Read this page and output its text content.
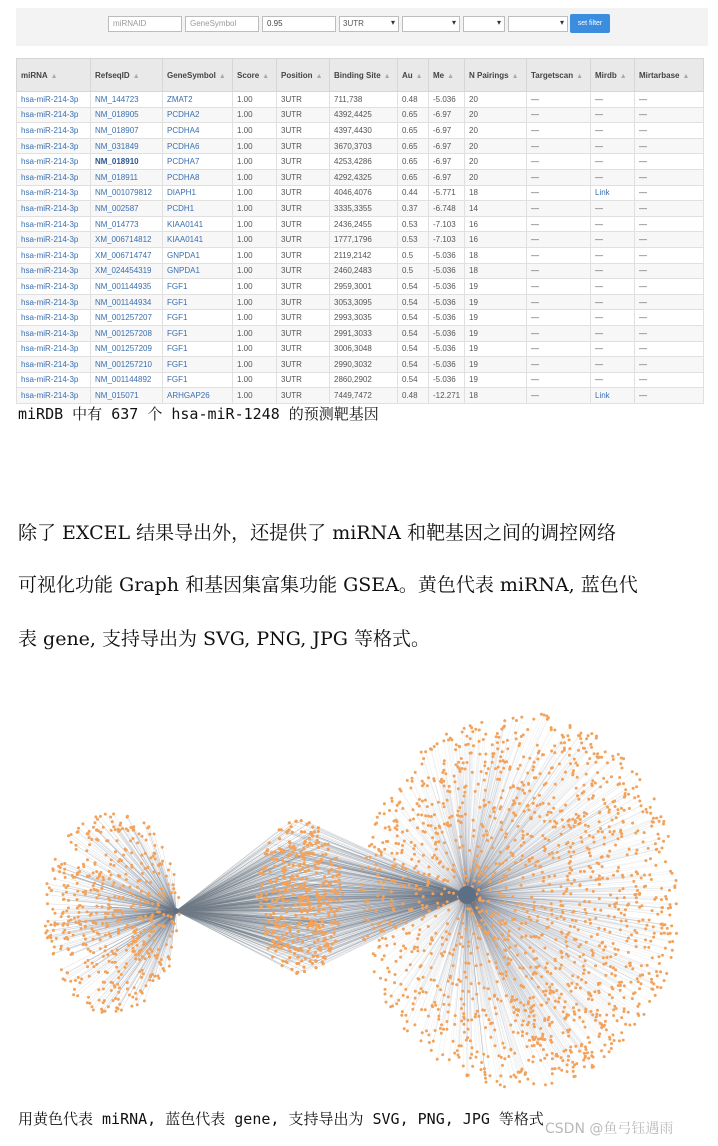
miRNAID	GeneSymbol	0.95	3UTR	▾	▾	▾	▾	set filter
miRNA ▲	RefseqID ▲	GeneSymbol ▲	Score ▲	Position ▲	Binding Site ▲	Au ▲	Me ▲	N Pairings ▲	Targetscan ▲	Mirdb ▲	Mirtarbase ▲
hsa-miR-214-3p	NM_144723	ZMAT2	1.00	3UTR	711,738	0.48	-5.036	20	—	—	—
hsa-miR-214-3p	NM_018905	PCDHA2	1.00	3UTR	4392,4425	0.65	-6.97	20	—	—	—
hsa-miR-214-3p	NM_018907	PCDHA4	1.00	3UTR	4397,4430	0.65	-6.97	20	—	—	—
hsa-miR-214-3p	NM_031849	PCDHA6	1.00	3UTR	3670,3703	0.65	-6.97	20	—	—	—
hsa-miR-214-3p	NM_018910	PCDHA7	1.00	3UTR	4253,4286	0.65	-6.97	20	—	—	—
hsa-miR-214-3p	NM_018911	PCDHA8	1.00	3UTR	4292,4325	0.65	-6.97	20	—	—	—
hsa-miR-214-3p	NM_001079812	DIAPH1	1.00	3UTR	4046,4076	0.44	-5.771	18	—	Link	—
hsa-miR-214-3p	NM_002587	PCDH1	1.00	3UTR	3335,3355	0.37	-6.748	14	—	—	—
hsa-miR-214-3p	NM_014773	KIAA0141	1.00	3UTR	2436,2455	0.53	-7.103	16	—	—	—
hsa-miR-214-3p	XM_006714812	KIAA0141	1.00	3UTR	1777,1796	0.53	-7.103	16	—	—	—
hsa-miR-214-3p	XM_006714747	GNPDA1	1.00	3UTR	2119,2142	0.5	-5.036	18	—	—	—
hsa-miR-214-3p	XM_024454319	GNPDA1	1.00	3UTR	2460,2483	0.5	-5.036	18	—	—	—
hsa-miR-214-3p	NM_001144935	FGF1	1.00	3UTR	2959,3001	0.54	-5.036	19	—	—	—
hsa-miR-214-3p	NM_001144934	FGF1	1.00	3UTR	3053,3095	0.54	-5.036	19	—	—	—
hsa-miR-214-3p	NM_001257207	FGF1	1.00	3UTR	2993,3035	0.54	-5.036	19	—	—	—
hsa-miR-214-3p	NM_001257208	FGF1	1.00	3UTR	2991,3033	0.54	-5.036	19	—	—	—
hsa-miR-214-3p	NM_001257209	FGF1	1.00	3UTR	3006,3048	0.54	-5.036	19	—	—	—
hsa-miR-214-3p	NM_001257210	FGF1	1.00	3UTR	2990,3032	0.54	-5.036	19	—	—	—
hsa-miR-214-3p	NM_001144892	FGF1	1.00	3UTR	2860,2902	0.54	-5.036	19	—	—	—
hsa-miR-214-3p	NM_015071	ARHGAP26	1.00	3UTR	7449,7472	0.48	-12.271	18	—	Link	—
miRDB 中有 637 个 hsa-miR-1248 的预测靶基因
除了 EXCEL 结果导出外，还提供了 miRNA 和靶基因之间的调控网络
可视化功能 Graph 和基因集富集功能 GSEA。黄色代表 miRNA, 蓝色代
表 gene, 支持导出为 SVG, PNG, JPG 等格式。
用黄色代表 miRNA, 蓝色代表 gene, 支持导出为 SVG, PNG, JPG 等格式
CSDN @鱼弓钰遇雨
